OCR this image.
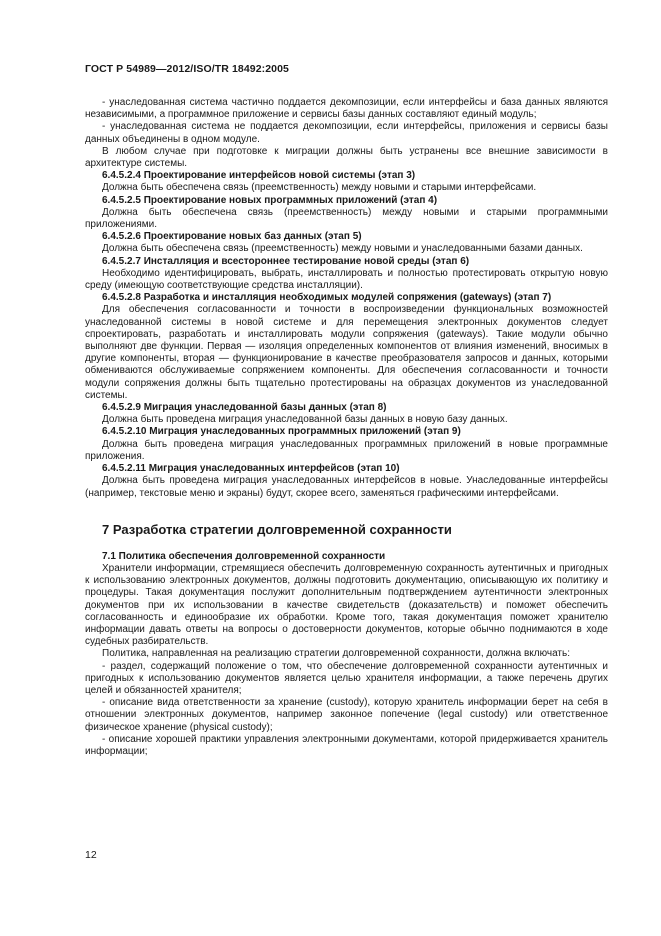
ГОСТ Р 54989—2012/ISO/TR 18492:2005

- унаследованная система частично поддается декомпозиции, если интерфейсы и база данных являются независимыми, а программное приложение и сервисы базы данных составляют единый модуль;

- унаследованная система не поддается декомпозиции, если интерфейсы, приложения и сервисы базы данных объединены в одном модуле.

В любом случае при подготовке к миграции должны быть устранены все внешние зависимости в архитектуре системы.

6.4.5.2.4 Проектирование интерфейсов новой системы (этап 3)

Должна быть обеспечена связь (преемственность) между новыми и старыми интерфейсами.

6.4.5.2.5 Проектирование новых программных приложений (этап 4)

Должна быть обеспечена связь (преемственность) между новыми и старыми программными приложениями.

6.4.5.2.6 Проектирование новых баз данных (этап 5)

Должна быть обеспечена связь (преемственность) между новыми и унаследованными базами данных.

6.4.5.2.7 Инсталляция и всестороннее тестирование новой среды (этап 6)

Необходимо идентифицировать, выбрать, инсталлировать и полностью протестировать открытую новую среду (имеющую соответствующие средства инсталляции).

6.4.5.2.8 Разработка и инсталляция необходимых модулей сопряжения (gateways) (этап 7)

Для обеспечения согласованности и точности в воспроизведении функциональных возможностей унаследованной системы в новой системе и для перемещения электронных документов следует спроектировать, разработать и инсталлировать модули сопряжения (gateways). Такие модули обычно выполняют две функции. Первая — изоляция определенных компонентов от влияния изменений, вносимых в другие компоненты, вторая — функционирование в качестве преобразователя запросов и данных, которыми обмениваются обслуживаемые сопряжением компоненты. Для обеспечения согласованности и точности модули сопряжения должны быть тщательно протестированы на образцах документов из унаследованной системы.

6.4.5.2.9 Миграция унаследованной базы данных (этап 8)

Должна быть проведена миграция унаследованной базы данных в новую базу данных.

6.4.5.2.10 Миграция унаследованных программных приложений (этап 9)

Должна быть проведена миграция унаследованных программных приложений в новые программные приложения.

6.4.5.2.11 Миграция унаследованных интерфейсов (этап 10)

Должна быть проведена миграция унаследованных интерфейсов в новые. Унаследованные интерфейсы (например, текстовые меню и экраны) будут, скорее всего, заменяться графическими интерфейсами.

7 Разработка стратегии долговременной сохранности

7.1 Политика обеспечения долговременной сохранности

Хранители информации, стремящиеся обеспечить долговременную сохранность аутентичных и пригодных к использованию электронных документов, должны подготовить документацию, описывающую их политику и процедуры. Такая документация послужит дополнительным подтверждением аутентичности электронных документов при их использовании в качестве свидетельств (доказательств) и поможет обеспечить согласованность и единообразие их обработки. Кроме того, такая документация поможет хранителю информации давать ответы на вопросы о достоверности документов, которые обычно поднимаются в ходе судебных разбирательств.

Политика, направленная на реализацию стратегии долговременной сохранности, должна включать:

- раздел, содержащий положение о том, что обеспечение долговременной сохранности аутентичных и пригодных к использованию документов является целью хранителя информации, а также перечень других целей и обязанностей хранителя;

- описание вида ответственности за хранение (custody), которую хранитель информации берет на себя в отношении электронных документов, например законное попечение (legal custody) или ответственное физическое хранение (physical custody);

- описание хорошей практики управления электронными документами, которой придерживается хранитель информации;

12
